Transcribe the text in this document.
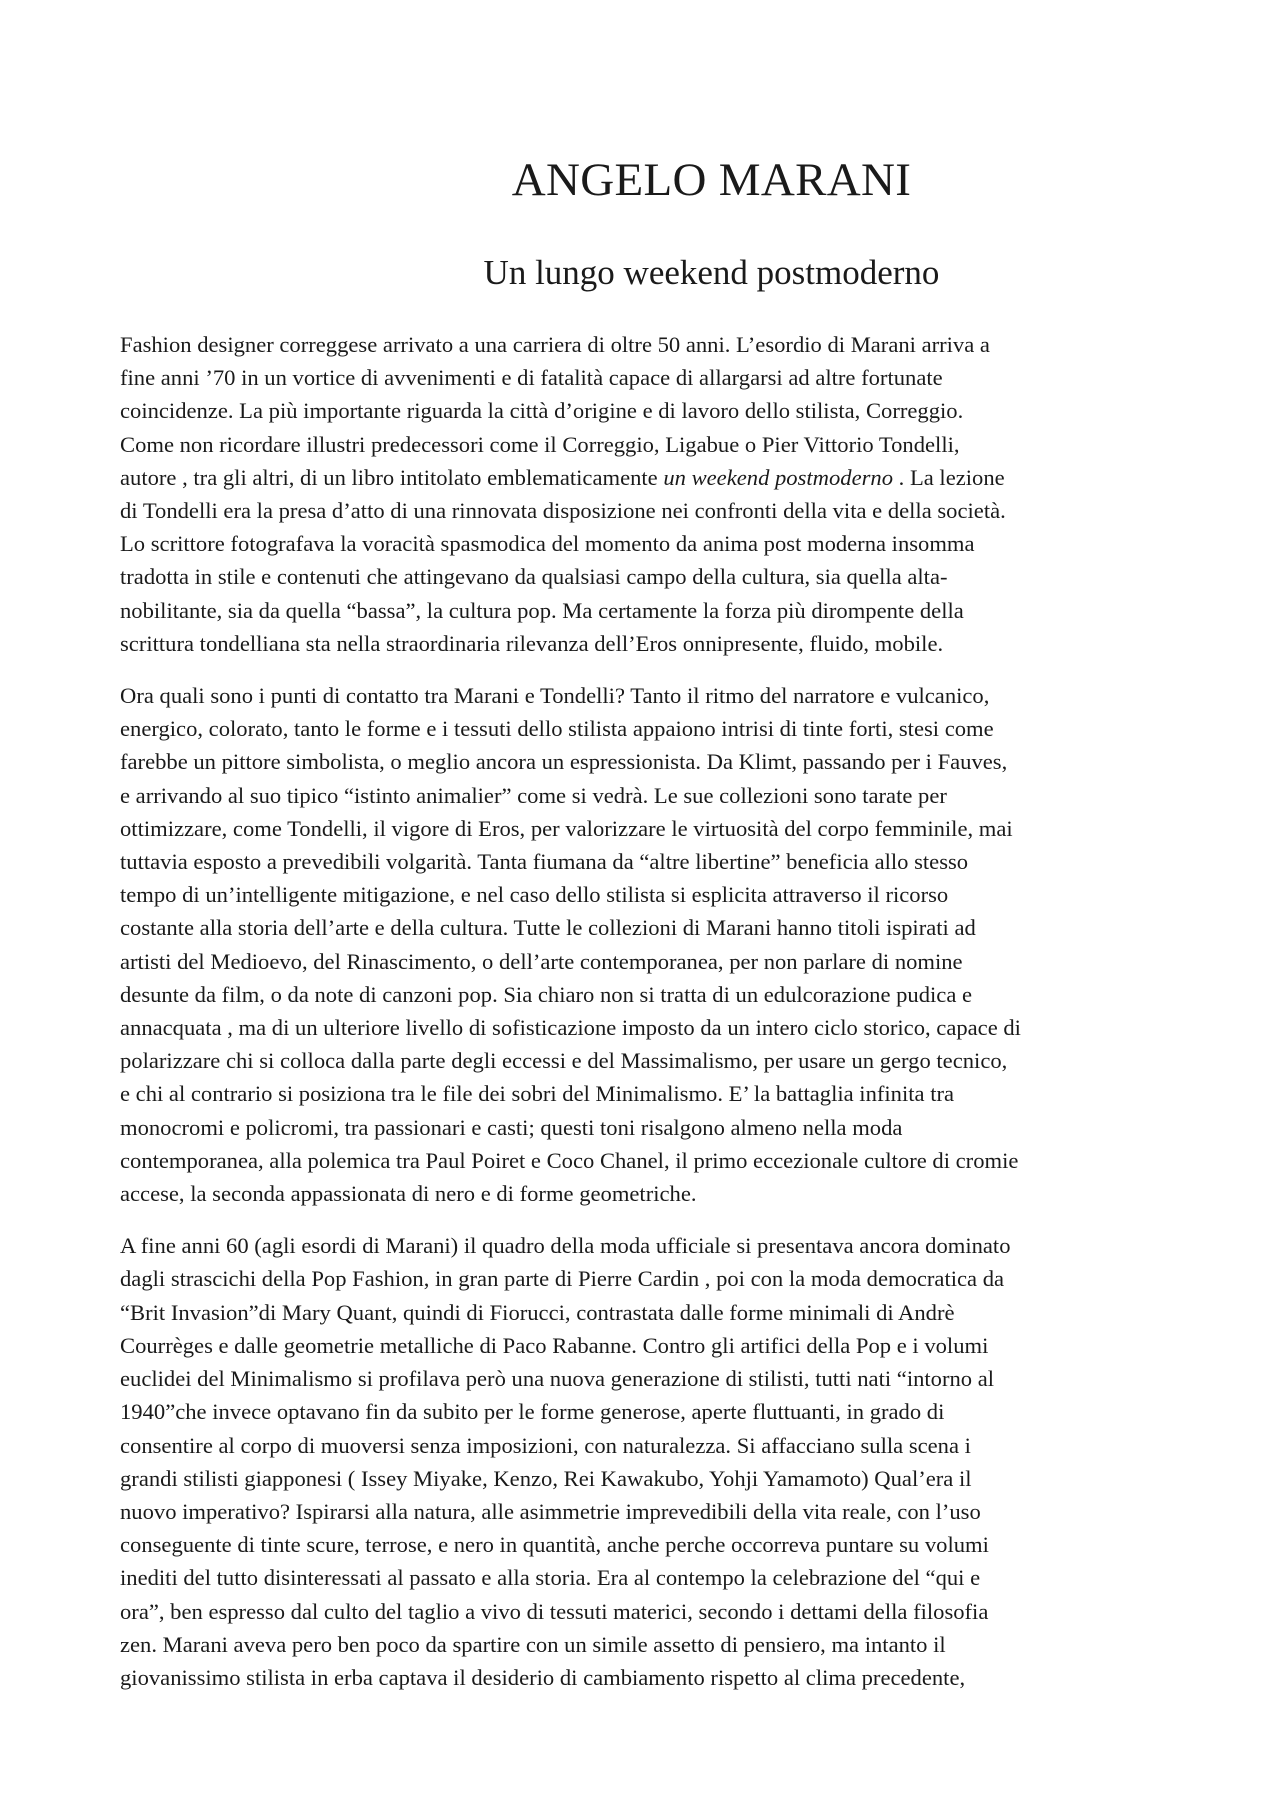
ANGELO MARANI
Un lungo weekend postmoderno

Fashion designer correggese arrivato a una carriera di oltre 50 anni. L’esordio di Marani arriva a
fine anni ’70 in un vortice di avvenimenti e di fatalità capace di allargarsi ad altre fortunate
coincidenze. La più importante riguarda la città d’origine e di lavoro dello stilista, Correggio.
Come non ricordare illustri predecessori come il Correggio, Ligabue o Pier Vittorio Tondelli,
autore , tra gli altri, di un libro intitolato emblematicamente un weekend postmoderno . La lezione
di Tondelli era la presa d’atto di una rinnovata disposizione nei confronti della vita e della società.
Lo scrittore fotografava la voracità spasmodica del momento da anima post moderna insomma
tradotta in stile e contenuti che attingevano da qualsiasi campo della cultura, sia quella alta-
nobilitante, sia da quella “bassa”, la cultura pop. Ma certamente la forza più dirompente della
scrittura tondelliana sta nella straordinaria rilevanza dell’Eros onnipresente, fluido, mobile.

Ora quali sono i punti di contatto tra Marani e Tondelli? Tanto il ritmo del narratore e vulcanico,
energico, colorato, tanto le forme e i tessuti dello stilista appaiono intrisi di tinte forti, stesi come
farebbe un pittore simbolista, o meglio ancora un espressionista. Da Klimt, passando per i Fauves,
e arrivando al suo tipico “istinto animalier” come si vedrà. Le sue collezioni sono tarate per
ottimizzare, come Tondelli, il vigore di Eros, per valorizzare le virtuosità del corpo femminile, mai
tuttavia esposto a prevedibili volgarità. Tanta fiumana da “altre libertine” beneficia allo stesso
tempo di un’intelligente mitigazione, e nel caso dello stilista si esplicita attraverso il ricorso
costante alla storia dell’arte e della cultura. Tutte le collezioni di Marani hanno titoli ispirati ad
artisti del Medioevo, del Rinascimento, o dell’arte contemporanea, per non parlare di nomine
desunte da film, o da note di canzoni pop. Sia chiaro non si tratta di un edulcorazione pudica e
annacquata , ma di un ulteriore livello di sofisticazione imposto da un intero ciclo storico, capace di
polarizzare chi si colloca dalla parte degli eccessi e del Massimalismo, per usare un gergo tecnico,
e chi al contrario si posiziona tra le file dei sobri del Minimalismo. E’ la battaglia infinita tra
monocromi e policromi, tra passionari e casti; questi toni risalgono almeno nella moda
contemporanea, alla polemica tra Paul Poiret e Coco Chanel, il primo eccezionale cultore di cromie
accese, la seconda appassionata di nero e di forme geometriche.

A fine anni 60 (agli esordi di Marani) il quadro della moda ufficiale si presentava ancora dominato
dagli strascichi della Pop Fashion, in gran parte di Pierre Cardin , poi con la moda democratica da
“Brit Invasion”di Mary Quant, quindi di Fiorucci, contrastata dalle forme minimali di Andrè
Courrèges e dalle geometrie metalliche di Paco Rabanne. Contro gli artifici della Pop e i volumi
euclidei del Minimalismo si profilava però una nuova generazione di stilisti, tutti nati “intorno al
1940”che invece optavano fin da subito per le forme generose, aperte fluttuanti, in grado di
consentire al corpo di muoversi senza imposizioni, con naturalezza. Si affacciano sulla scena i
grandi stilisti giapponesi ( Issey Miyake, Kenzo, Rei Kawakubo, Yohji Yamamoto) Qual’era il
nuovo imperativo? Ispirarsi alla natura, alle asimmetrie imprevedibili della vita reale, con l’uso
conseguente di tinte scure, terrose, e nero in quantità, anche perche occorreva puntare su volumi
inediti del tutto disinteressati al passato e alla storia. Era al contempo la celebrazione del “qui e
ora”, ben espresso dal culto del taglio a vivo di tessuti materici, secondo i dettami della filosofia
zen. Marani aveva pero ben poco da spartire con un simile assetto di pensiero, ma intanto il
giovanissimo stilista in erba captava il desiderio di cambiamento rispetto al clima precedente,
